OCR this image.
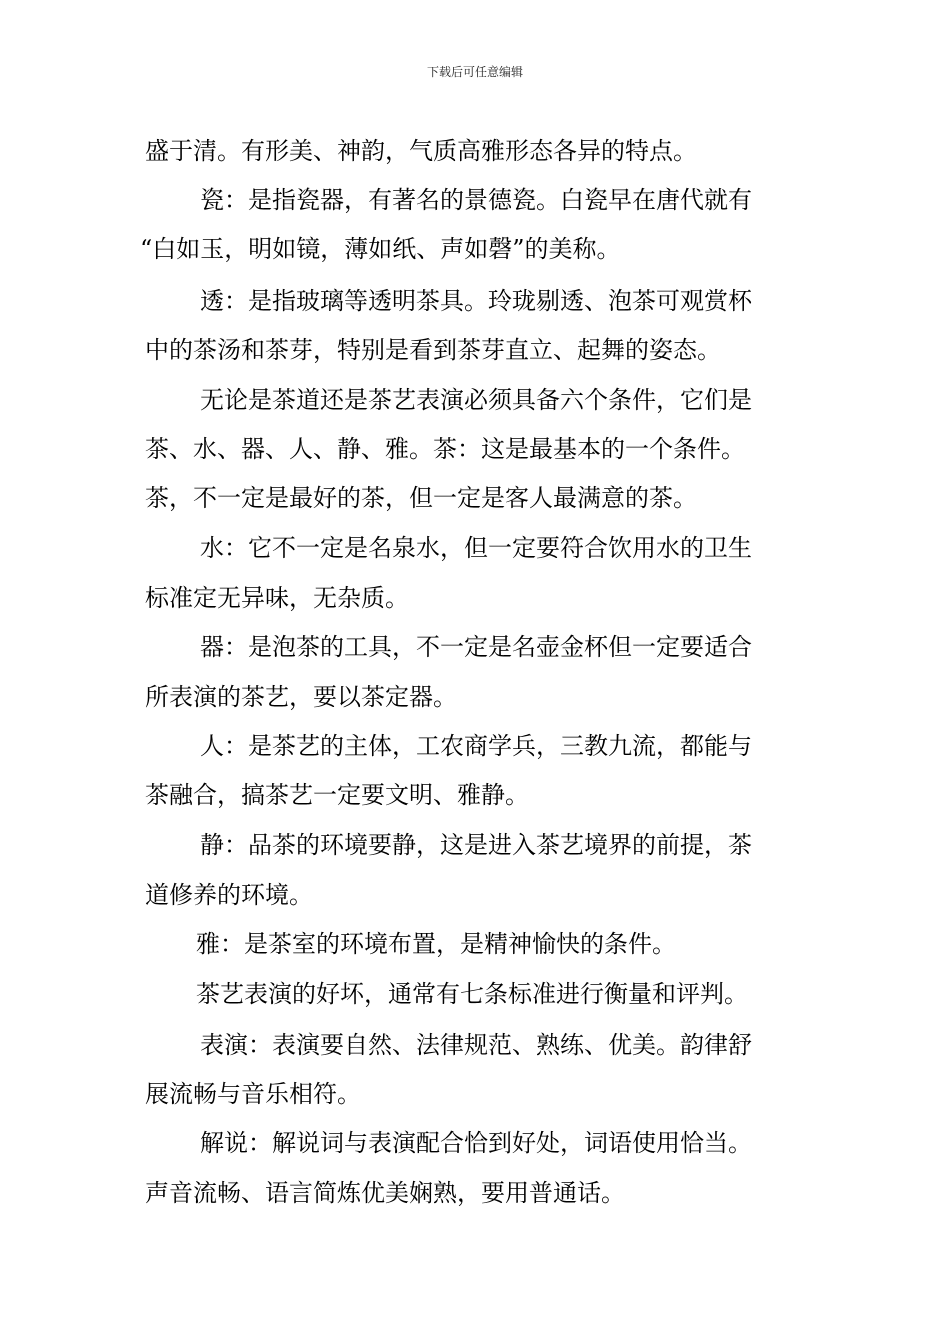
下载后可任意编辑
盛于清。有形美、神韵，气质高雅形态各异的特点。
瓷：是指瓷器，有著名的景德瓷。白瓷早在唐代就有
“白如玉，明如镜，薄如纸、声如磬”的美称。
透：是指玻璃等透明茶具。玲珑剔透、泡茶可观赏杯
中的茶汤和茶芽，特别是看到茶芽直立、起舞的姿态。
无论是茶道还是茶艺表演必须具备六个条件，它们是
茶、水、器、人、静、雅。茶：这是最基本的一个条件。
茶，不一定是最好的茶，但一定是客人最满意的茶。
水：它不一定是名泉水，但一定要符合饮用水的卫生
标准定无异味，无杂质。
器：是泡茶的工具，不一定是名壶金杯但一定要适合
所表演的茶艺，要以茶定器。
人：是茶艺的主体，工农商学兵，三教九流，都能与
茶融合，搞茶艺一定要文明、雅静。
静：品茶的环境要静，这是进入茶艺境界的前提，茶
道修养的环境。
雅：是茶室的环境布置，是精神愉快的条件。
茶艺表演的好坏，通常有七条标准进行衡量和评判。
表演：表演要自然、法律规范、熟练、优美。韵律舒
展流畅与音乐相符。
解说：解说词与表演配合恰到好处，词语使用恰当。
声音流畅、语言简炼优美娴熟，要用普通话。
